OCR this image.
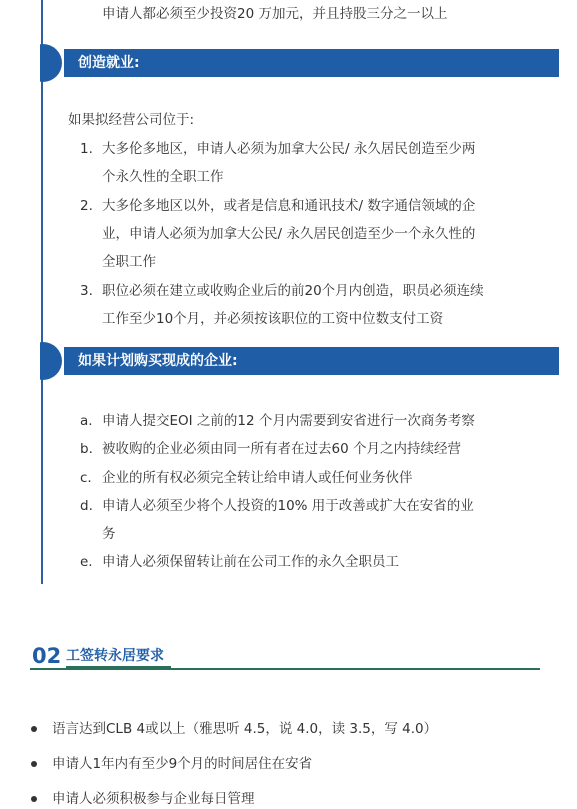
申请人都必须至少投资20 万加元，并且持股三分之一以上
创造就业:
如果拟经营公司位于:
1. 大多伦多地区，申请人必须为加拿大公民/ 永久居民创造至少两
个永久性的全职工作
2. 大多伦多地区以外，或者是信息和通讯技术/ 数字通信领域的企
业，申请人必须为加拿大公民/ 永久居民创造至少一个永久性的
全职工作
3. 职位必须在建立或收购企业后的前20个月内创造，职员必须连续
工作至少10个月，并必须按该职位的工资中位数支付工资
如果计划购买现成的企业:
a. 申请人提交EOI 之前的12 个月内需要到安省进行一次商务考察
b. 被收购的企业必须由同一所有者在过去60 个月之内持续经营
c. 企业的所有权必须完全转让给申请人或任何业务伙伴
d. 申请人必须至少将个人投资的10% 用于改善或扩大在安省的业
务
e. 申请人必须保留转让前在公司工作的永久全职员工
02 工签转永居要求
语言达到CLB 4或以上（雅思听 4.5，说 4.0，读 3.5，写 4.0）
申请人1年内有至少9个月的时间居住在安省
申请人必须积极参与企业每日管理
